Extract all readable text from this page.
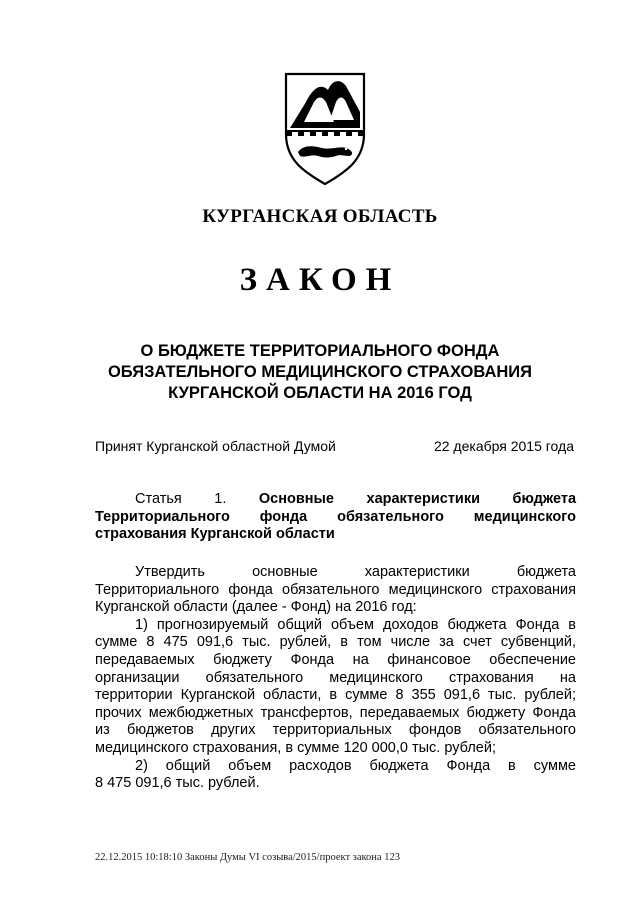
КУРГАНСКАЯ ОБЛАСТЬ
ЗАКОН
О БЮДЖЕТЕ ТЕРРИТОРИАЛЬНОГО ФОНДА
ОБЯЗАТЕЛЬНОГО МЕДИЦИНСКОГО СТРАХОВАНИЯ
КУРГАНСКОЙ ОБЛАСТИ НА 2016 ГОД
Принят Курганской областной Думой	22 декабря 2015 года
Статья 1. Основные характеристики бюджета
Территориального фонда обязательного медицинского
страхования Курганской области
Утвердить основные характеристики бюджета
Территориального фонда обязательного медицинского страхования
Курганской области (далее - Фонд) на 2016 год:
1) прогнозируемый общий объем доходов бюджета Фонда в
сумме 8 475 091,6 тыс. рублей, в том числе за счет субвенций,
передаваемых бюджету Фонда на финансовое обеспечение
организации обязательного медицинского страхования на
территории Курганской области, в сумме 8 355 091,6 тыс. рублей;
прочих межбюджетных трансфертов, передаваемых бюджету Фонда
из бюджетов других территориальных фондов обязательного
медицинского страхования, в сумме 120 000,0 тыс. рублей;
2) общий объем расходов бюджета Фонда в сумме
8 475 091,6 тыс. рублей.
22.12.2015 10:18:10 Законы Думы VI созыва/2015/проект закона 123
